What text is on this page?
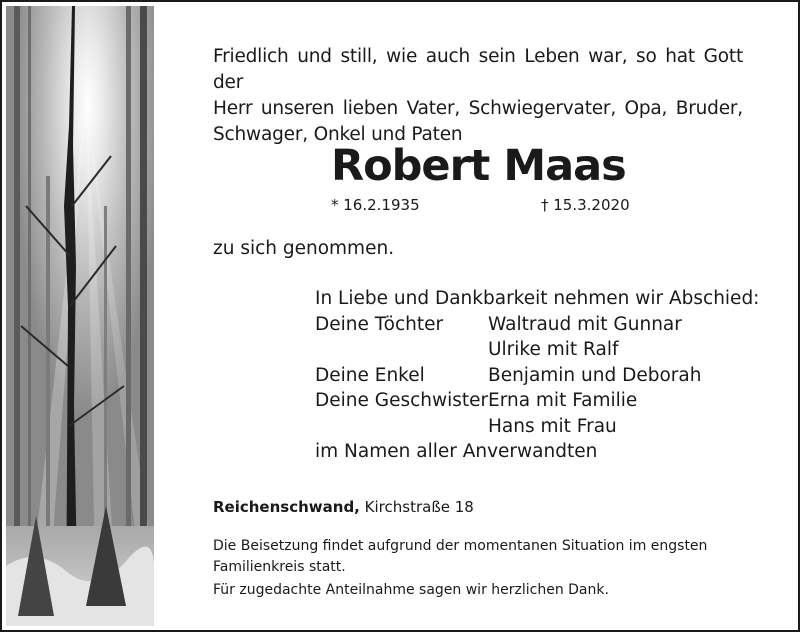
Friedlich und still, wie auch sein Leben war, so hat Gott der
Herr unseren lieben Vater, Schwiegervater, Opa, Bruder,
Schwager, Onkel und Paten
Robert Maas
* 16.2.1935	† 15.3.2020
zu sich genommen.
In Liebe und Dankbarkeit nehmen wir Abschied:
Deine Töchter	Waltraud mit Gunnar
Ulrike mit Ralf
Deine Enkel	Benjamin und Deborah
Deine Geschwister Erna mit Familie
Hans mit Frau
im Namen aller Anverwandten
Reichenschwand, Kirchstraße 18
Die Beisetzung findet aufgrund der momentanen Situation im engsten Familienkreis statt.
Für zugedachte Anteilnahme sagen wir herzlichen Dank.
